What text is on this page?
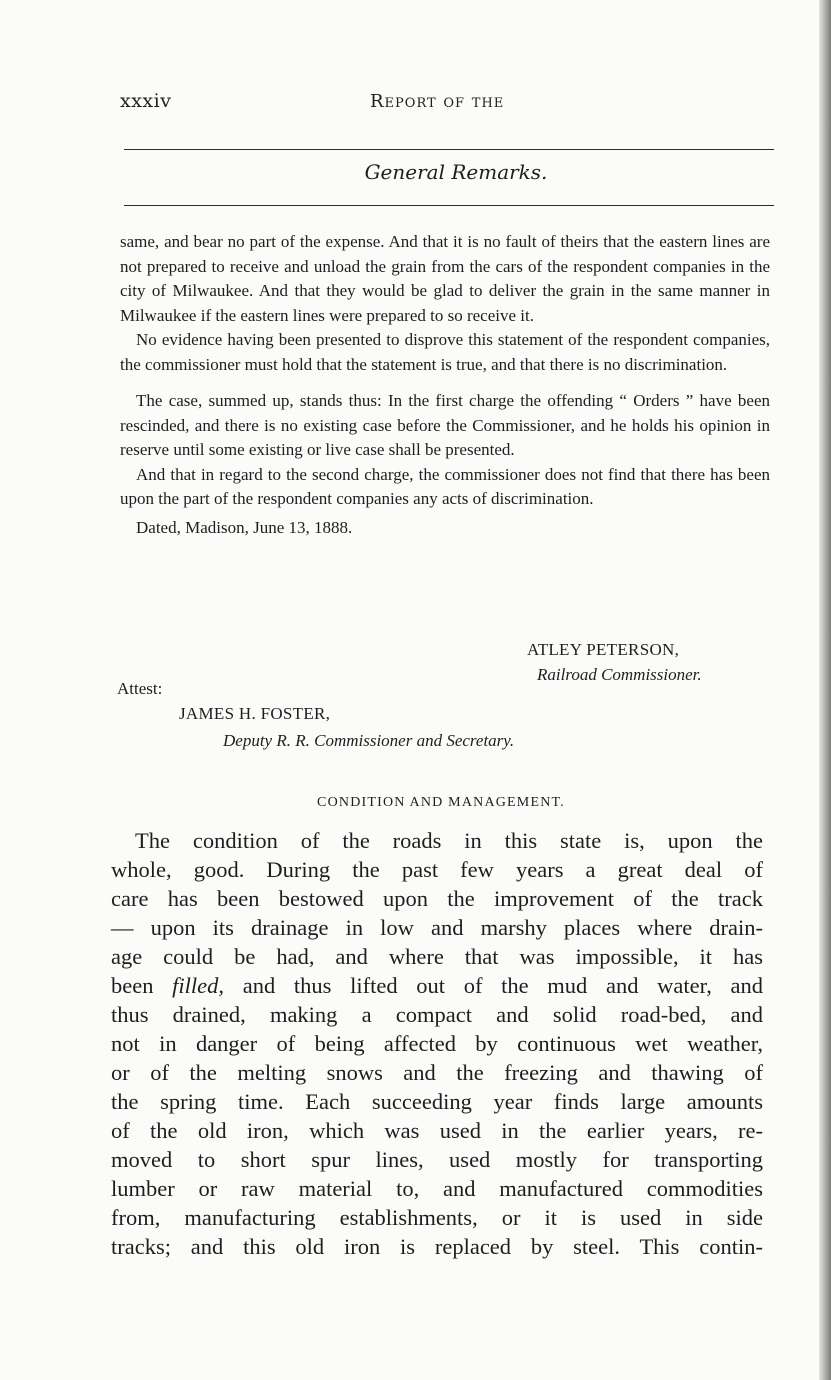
xxxiv	Report of the
General Remarks.

same, and bear no part of the expense. And that it is no fault of theirs that the eastern lines are not prepared to receive and unload the grain from the cars of the respondent companies in the city of Milwaukee. And that they would be glad to deliver the grain in the same manner in Milwaukee if the eastern lines were prepared to so receive it.

No evidence having been presented to disprove this statement of the respondent companies, the commissioner must hold that the statement is true, and that there is no discrimination.

The case, summed up, stands thus: In the first charge the offending “ Orders ” have been rescinded, and there is no existing case before the Commissioner, and he holds his opinion in reserve until some existing or live case shall be presented.

And that in regard to the second charge, the commissioner does not find that there has been upon the part of the respondent companies any acts of discrimination.

Dated, Madison, June 13, 1888.

ATLEY PETERSON,
Railroad Commissioner.
Attest:
JAMES H. FOSTER,
Deputy R. R. Commissioner and Secretary.
CONDITION AND MANAGEMENT.
The condition of the roads in this state is, upon the
whole, good. During the past few years a great deal of
care has been bestowed upon the improvement of the track
— upon its drainage in low and marshy places where drain-
age could be had, and where that was impossible, it has
been filled, and thus lifted out of the mud and water, and
thus drained, making a compact and solid road-bed, and
not in danger of being affected by continuous wet weather,
or of the melting snows and the freezing and thawing of
the spring time. Each succeeding year finds large amounts
of the old iron, which was used in the earlier years, re-
moved to short spur lines, used mostly for transporting
lumber or raw material to, and manufactured commodities
from, manufacturing establishments, or it is used in side
tracks; and this old iron is replaced by steel. This contin-
